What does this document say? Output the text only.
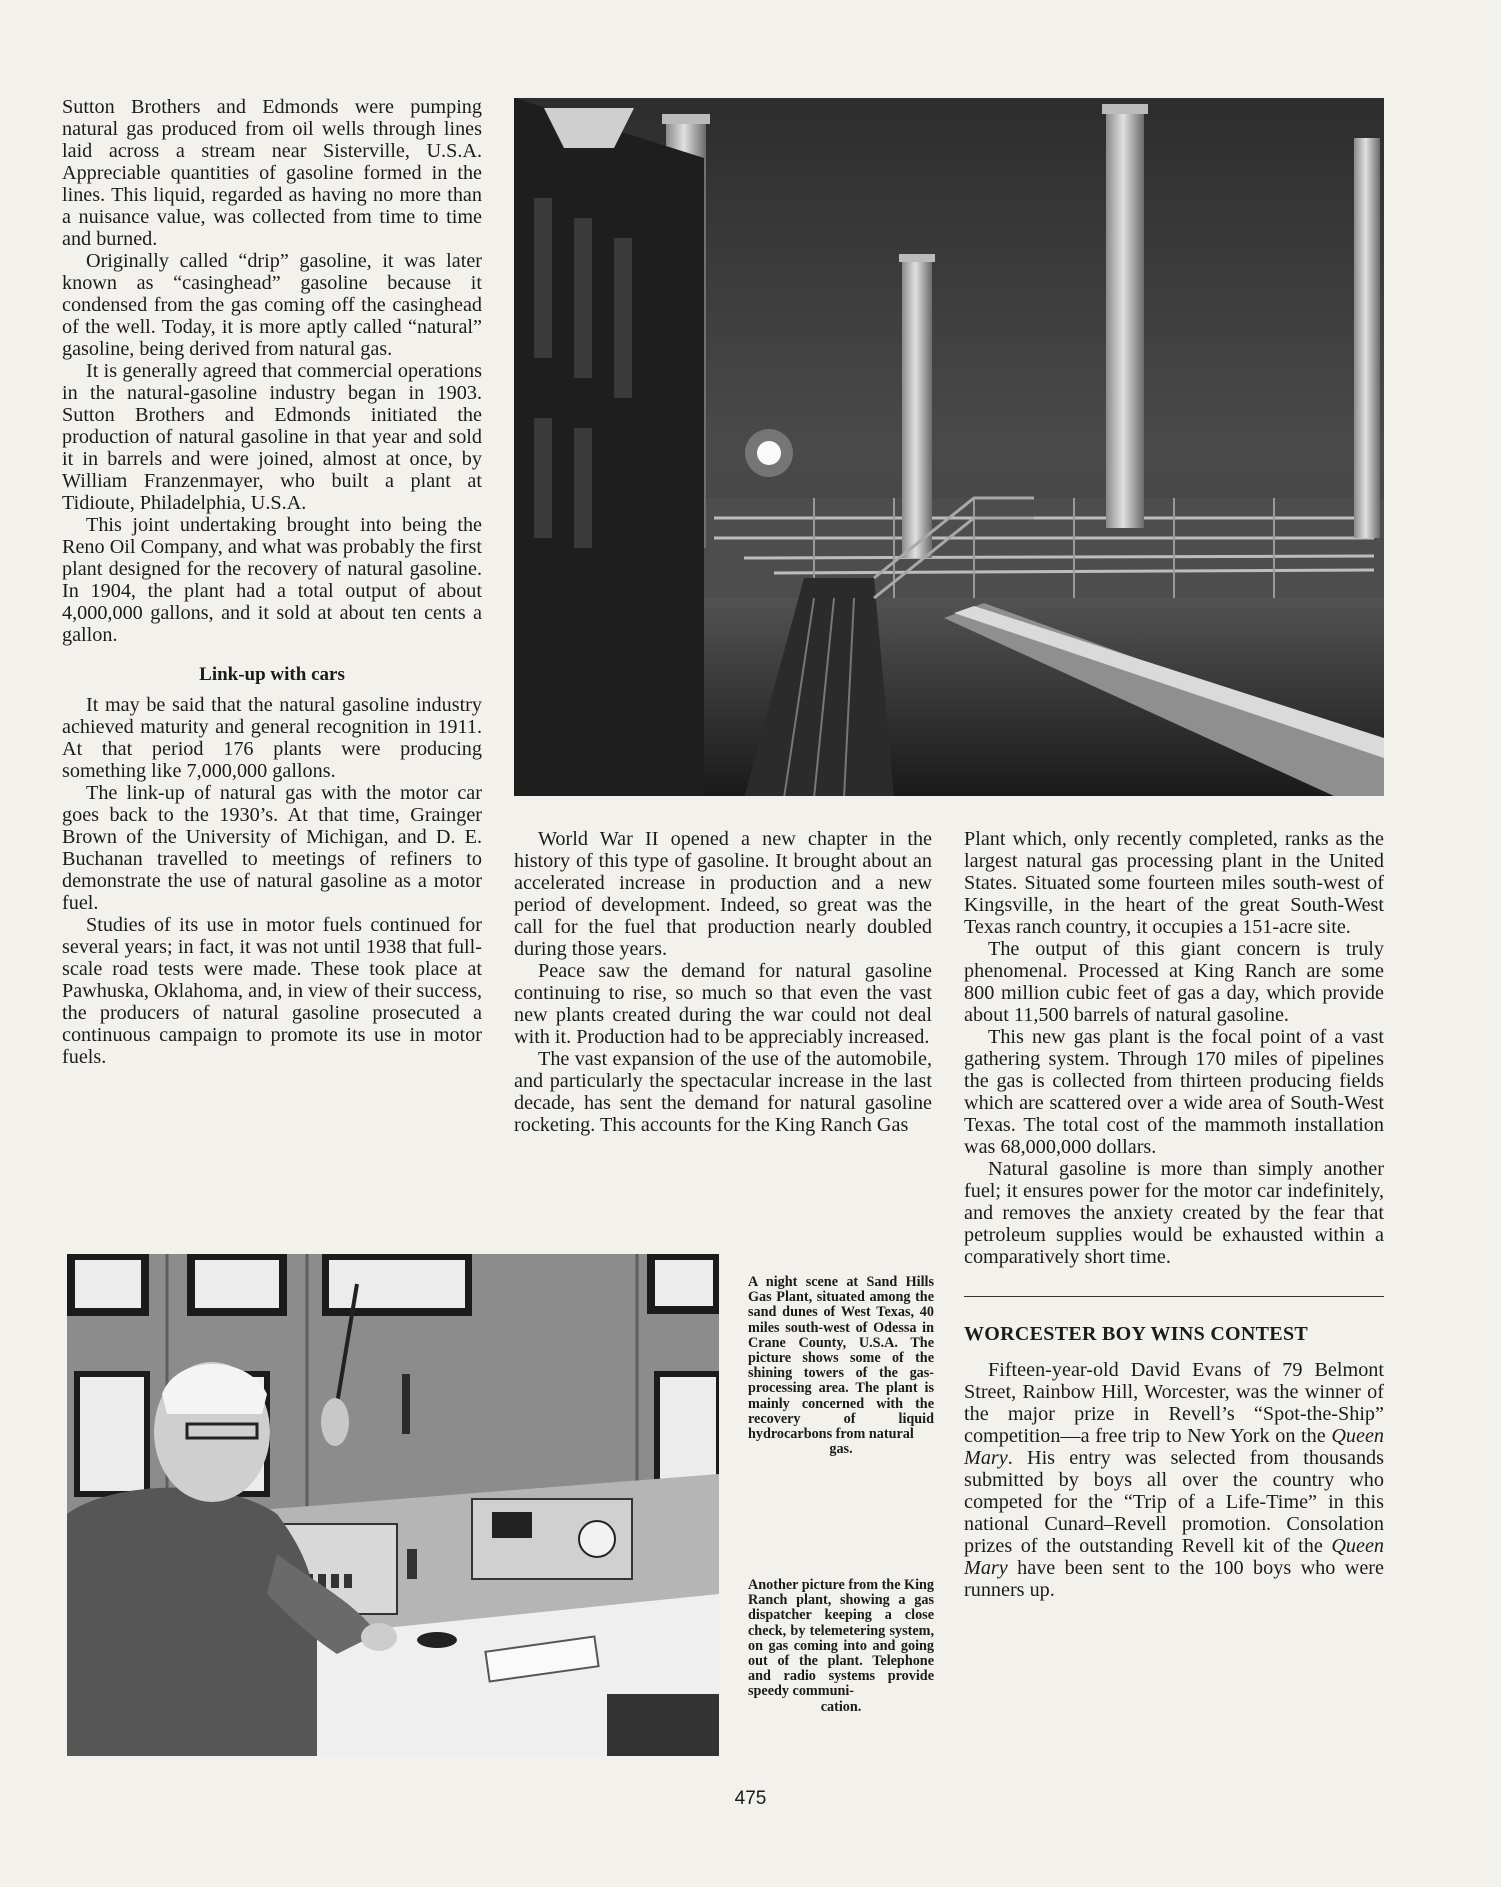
Sutton Brothers and Edmonds were pumping natural gas produced from oil wells through lines laid across a stream near Sisterville, U.S.A. Appreciable quantities of gasoline formed in the lines. This liquid, regarded as having no more than a nuisance value, was collected from time to time and burned.

Originally called “drip” gasoline, it was later known as “casinghead” gasoline because it condensed from the gas coming off the casinghead of the well. Today, it is more aptly called “natural” gasoline, being derived from natural gas.

It is generally agreed that commercial operations in the natural-gasoline industry began in 1903. Sutton Brothers and Edmonds initiated the production of natural gasoline in that year and sold it in barrels and were joined, almost at once, by William Franzenmayer, who built a plant at Tidioute, Philadelphia, U.S.A.

This joint undertaking brought into being the Reno Oil Company, and what was probably the first plant designed for the recovery of natural gasoline. In 1904, the plant had a total output of about 4,000,000 gallons, and it sold at about ten cents a gallon.

Link-up with cars

It may be said that the natural gasoline industry achieved maturity and general recognition in 1911. At that period 176 plants were producing something like 7,000,000 gallons.

The link-up of natural gas with the motor car goes back to the 1930’s. At that time, Grainger Brown of the University of Michigan, and D. E. Buchanan travelled to meetings of refiners to demonstrate the use of natural gasoline as a motor fuel.

Studies of its use in motor fuels continued for several years; in fact, it was not until 1938 that full-scale road tests were made. These took place at Pawhuska, Oklahoma, and, in view of their success, the producers of natural gasoline prosecuted a continuous campaign to promote its use in motor fuels.

World War II opened a new chapter in the history of this type of gasoline. It brought about an accelerated increase in production and a new period of development. Indeed, so great was the call for the fuel that production nearly doubled during those years.

Peace saw the demand for natural gasoline continuing to rise, so much so that even the vast new plants created during the war could not deal with it. Production had to be appreciably increased.

The vast expansion of the use of the automobile, and particularly the spectacular increase in the last decade, has sent the demand for natural gasoline rocketing. This accounts for the King Ranch Gas

Plant which, only recently completed, ranks as the largest natural gas processing plant in the United States. Situated some fourteen miles south-west of Kingsville, in the heart of the great South-West Texas ranch country, it occupies a 151-acre site.

The output of this giant concern is truly phenomenal. Processed at King Ranch are some 800 million cubic feet of gas a day, which provide about 11,500 barrels of natural gasoline.

This new gas plant is the focal point of a vast gathering system. Through 170 miles of pipelines the gas is collected from thirteen producing fields which are scattered over a wide area of South-West Texas. The total cost of the mammoth installation was 68,000,000 dollars.

Natural gasoline is more than simply another fuel; it ensures power for the motor car indefinitely, and removes the anxiety created by the fear that petroleum supplies would be exhausted within a comparatively short time.

WORCESTER BOY WINS CONTEST

Fifteen-year-old David Evans of 79 Belmont Street, Rainbow Hill, Worcester, was the winner of the major prize in Revell’s “Spot-the-Ship” competition—a free trip to New York on the Queen Mary. His entry was selected from thousands submitted by boys all over the country who competed for the “Trip of a Life-Time” in this national Cunard–Revell promotion. Consolation prizes of the outstanding Revell kit of the Queen Mary have been sent to the 100 boys who were runners up.

A night scene at Sand Hills Gas Plant, situated among the sand dunes of West Texas, 40 miles south-west of Odessa in Crane County, U.S.A. The picture shows some of the shining towers of the gas-processing area. The plant is mainly concerned with the recovery of liquid hydrocarbons from natural
gas.
Another picture from the King Ranch plant, showing a gas dispatcher keeping a close check, by telemetering system, on gas coming into and going out of the plant. Telephone and radio systems provide speedy communi-
cation.
475
